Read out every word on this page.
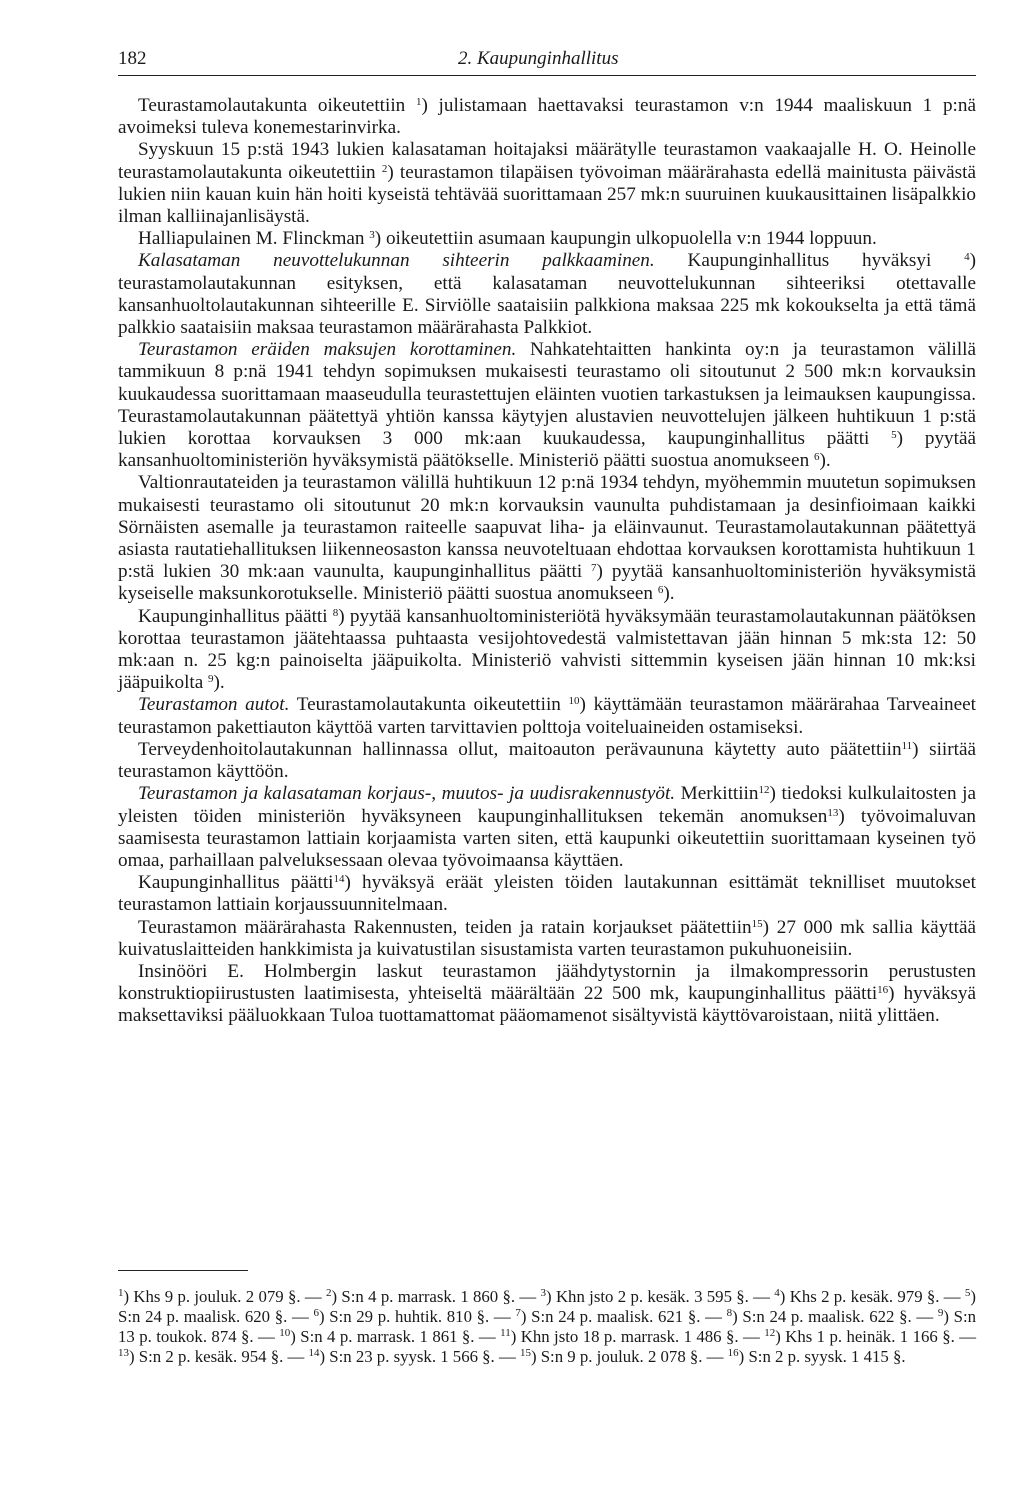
182	2. Kaupunginhallitus

Teurastamolautakunta oikeutettiin $^1$) julistamaan haettavaksi teurastamon v:n 1944 maaliskuun 1 p:nä avoimeksi tuleva konemestarinvirka.

Syyskuun 15 p:stä 1943 lukien kalasataman hoitajaksi määrätylle teurastamon vaakaajalle H. O. Heinolle teurastamolautakunta oikeutettiin $^2$) teurastamon tilapäisen työvoiman määrärahasta edellä mainitusta päivästä lukien niin kauan kuin hän hoiti kyseistä tehtävää suorittamaan 257 mk:n suuruinen kuukausittainen lisäpalkkio ilman kalliinajanlisäystä.

Halliapulainen M. Flinckman $^3$) oikeutettiin asumaan kaupungin ulkopuolella v:n 1944 loppuun.

Kalasataman neuvottelukunnan sihteerin palkkaaminen. Kaupunginhallitus hyväksyi $^4$) teurastamolautakunnan esityksen, että kalasataman neuvottelukunnan sihteeriksi otettavalle kansanhuoltolautakunnan sihteerille E. Sirviölle saataisiin palkkiona maksaa 225 mk kokoukselta ja että tämä palkkio saataisiin maksaa teurastamon määrärahasta Palkkiot.

Teurastamon eräiden maksujen korottaminen. Nahkatehtaitten hankinta oy:n ja teurastamon välillä tammikuun 8 p:nä 1941 tehdyn sopimuksen mukaisesti teurastamo oli sitoutunut 2 500 mk:n korvauksin kuukaudessa suorittamaan maaseudulla teurastettujen eläinten vuotien tarkastuksen ja leimauksen kaupungissa. Teurastamolautakunnan päätettyä yhtiön kanssa käytyjen alustavien neuvottelujen jälkeen huhtikuun 1 p:stä lukien korottaa korvauksen 3 000 mk:aan kuukaudessa, kaupunginhallitus päätti $^5$) pyytää kansanhuoltoministeriön hyväksymistä päätökselle. Ministeriö päätti suostua anomukseen $^6$).

Valtionrautateiden ja teurastamon välillä huhtikuun 12 p:nä 1934 tehdyn, myöhemmin muutetun sopimuksen mukaisesti teurastamo oli sitoutunut 20 mk:n korvauksin vaunulta puhdistamaan ja desinfioimaan kaikki Sörnäisten asemalle ja teurastamon raiteelle saapuvat liha- ja eläinvaunut. Teurastamolautakunnan päätettyä asiasta rautatiehallituksen liikenneosaston kanssa neuvoteltuaan ehdottaa korvauksen korottamista huhtikuun 1 p:stä lukien 30 mk:aan vaunulta, kaupunginhallitus päätti $^7$) pyytää kansanhuoltoministeriön hyväksymistä kyseiselle maksunkorotukselle. Ministeriö päätti suostua anomukseen $^6$).

Kaupunginhallitus päätti $^8$) pyytää kansanhuoltoministeriötä hyväksymään teurastamolautakunnan päätöksen korottaa teurastamon jäätehtaassa puhtaasta vesijohtovedestä valmistettavan jään hinnan 5 mk:sta 12: 50 mk:aan n. 25 kg:n painoiselta jääpuikolta. Ministeriö vahvisti sittemmin kyseisen jään hinnan 10 mk:ksi jääpuikolta $^9$).

Teurastamon autot. Teurastamolautakunta oikeutettiin $^{10}$) käyttämään teurastamon määrärahaa Tarveaineet teurastamon pakettiauton käyttöä varten tarvittavien polttoja voiteluaineiden ostamiseksi.

Terveydenhoitolautakunnan hallinnassa ollut, maitoauton perävaununa käytetty auto päätettiin$^{11}$) siirtää teurastamon käyttöön.

Teurastamon ja kalasataman korjaus-, muutos- ja uudisrakennustyöt. Merkittiin$^{12}$) tiedoksi kulkulaitosten ja yleisten töiden ministeriön hyväksyneen kaupunginhallituksen tekemän anomuksen$^{13}$) työvoimaluvan saamisesta teurastamon lattiain korjaamista varten siten, että kaupunki oikeutettiin suorittamaan kyseinen työ omaa, parhaillaan palveluksessaan olevaa työvoimaansa käyttäen.

Kaupunginhallitus päätti$^{14}$) hyväksyä eräät yleisten töiden lautakunnan esittämät teknilliset muutokset teurastamon lattiain korjaussuunnitelmaan.

Teurastamon määrärahasta Rakennusten, teiden ja ratain korjaukset päätettiin$^{15}$) 27 000 mk sallia käyttää kuivatuslaitteiden hankkimista ja kuivatustilan sisustamista varten teurastamon pukuhuoneisiin.

Insinööri E. Holmbergin laskut teurastamon jäähdytystornin ja ilmakompressorin perustusten konstruktiopiirustusten laatimisesta, yhteiseltä määrältään 22 500 mk, kaupunginhallitus päätti$^{16}$) hyväksyä maksettaviksi pääluokkaan Tuloa tuottamattomat pääomamenot sisältyvistä käyttövaroistaan, niitä ylittäen.

$^1$) Khs 9 p. jouluk. 2 079 §. — $^2$) S:n 4 p. marrask. 1 860 §. — $^3$) Khn jsto 2 p. kesäk. 3 595 §. — $^4$) Khs 2 p. kesäk. 979 §. — $^5$) S:n 24 p. maalisk. 620 §. — $^6$) S:n 29 p. huhtik. 810 §. — $^7$) S:n 24 p. maalisk. 621 §. — $^8$) S:n 24 p. maalisk. 622 §. — $^9$) S:n 13 p. toukok. 874 §. — $^{10}$) S:n 4 p. marrask. 1 861 §. — $^{11}$) Khn jsto 18 p. marrask. 1 486 §. — $^{12}$) Khs 1 p. heinäk. 1 166 §. — $^{13}$) S:n 2 p. kesäk. 954 §. — $^{14}$) S:n 23 p. syysk. 1 566 §. — $^{15}$) S:n 9 p. jouluk. 2 078 §. — $^{16}$) S:n 2 p. syysk. 1 415 §.
